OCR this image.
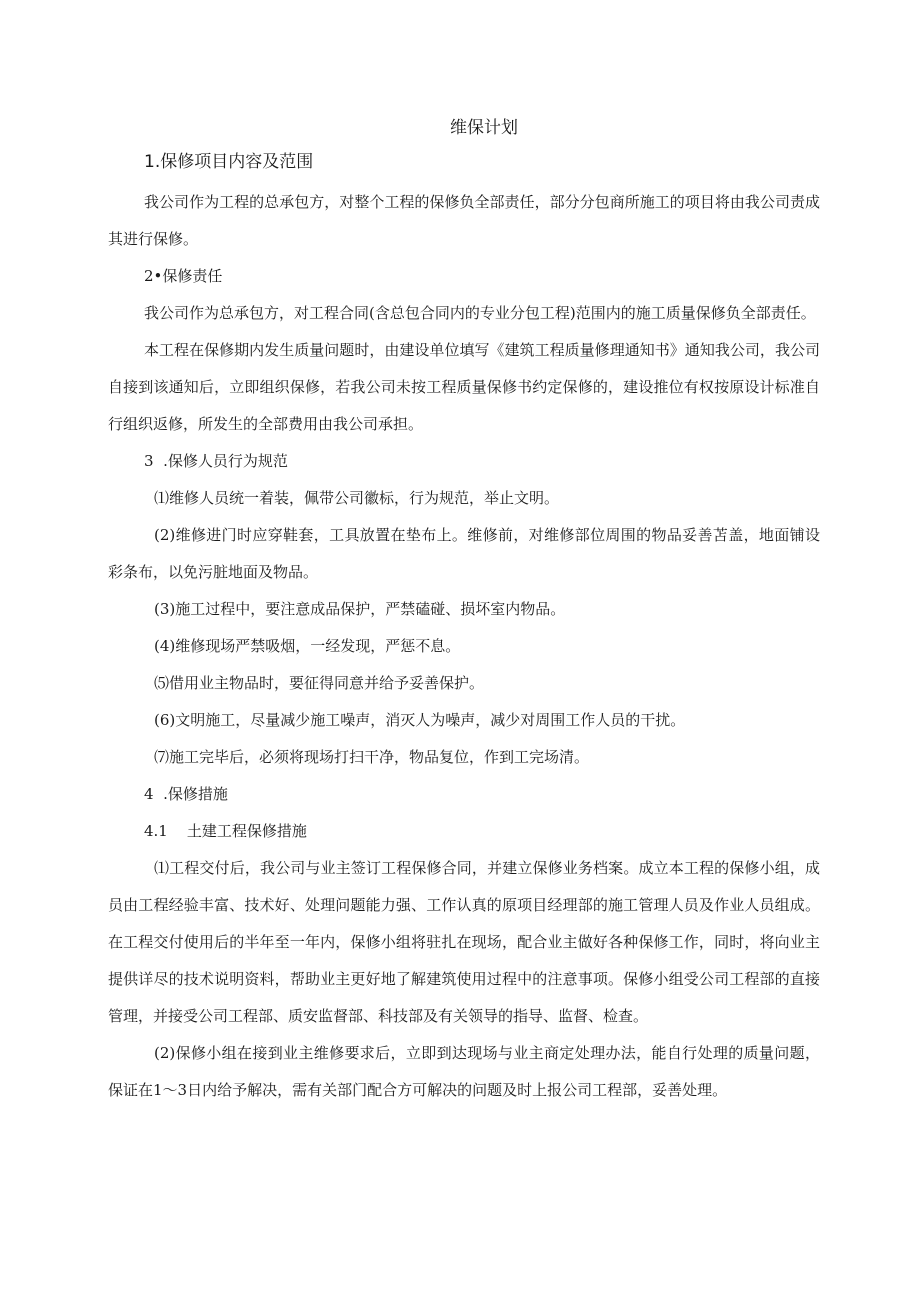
维保计划
1.保修项目内容及范围

我公司作为工程的总承包方，对整个工程的保修负全部责任，部分分包商所施工的项目将由我公司责成其进行保修。

2•保修责任

我公司作为总承包方，对工程合同(含总包合同内的专业分包工程)范围内的施工质量保修负全部责任。

本工程在保修期内发生质量问题时，由建设单位填写《建筑工程质量修理通知书》通知我公司，我公司自接到该通知后，立即组织保修，若我公司未按工程质量保修书约定保修的，建设推位有权按原设计标准自行组织返修，所发生的全部费用由我公司承担。

3  .保修人员行为规范

⑴维修人员统一着装，佩带公司徽标，行为规范，举止文明。

(2)维修进门时应穿鞋套，工具放置在垫布上。维修前，对维修部位周围的物品妥善苫盖，地面铺设彩条布，以免污脏地面及物品。

(3)施工过程中，要注意成品保护，严禁磕碰、损坏室内物品。

(4)维修现场严禁吸烟，一经发现，严惩不息。

⑸借用业主物品时，要征得同意并给予妥善保护。

(6)文明施工，尽量减少施工噪声，消灭人为噪声，减少对周围工作人员的干扰。

⑺施工完毕后，必须将现场打扫干净，物品复位，作到工完场清。

4  .保修措施

4.1    土建工程保修措施

⑴工程交付后，我公司与业主签订工程保修合同，并建立保修业务档案。成立本工程的保修小组，成员由工程经验丰富、技术好、处理问题能力强、工作认真的原项目经理部的施工管理人员及作业人员组成。在工程交付使用后的半年至一年内，保修小组将驻扎在现场，配合业主做好各种保修工作，同时，将向业主提供详尽的技术说明资料，帮助业主更好地了解建筑使用过程中的注意事项。保修小组受公司工程部的直接管理，并接受公司工程部、质安监督部、科技部及有关领导的指导、监督、检查。

(2)保修小组在接到业主维修要求后，立即到达现场与业主商定处理办法，能自行处理的质量问题，保证在1〜3日内给予解决，需有关部门配合方可解决的问题及时上报公司工程部，妥善处理。
